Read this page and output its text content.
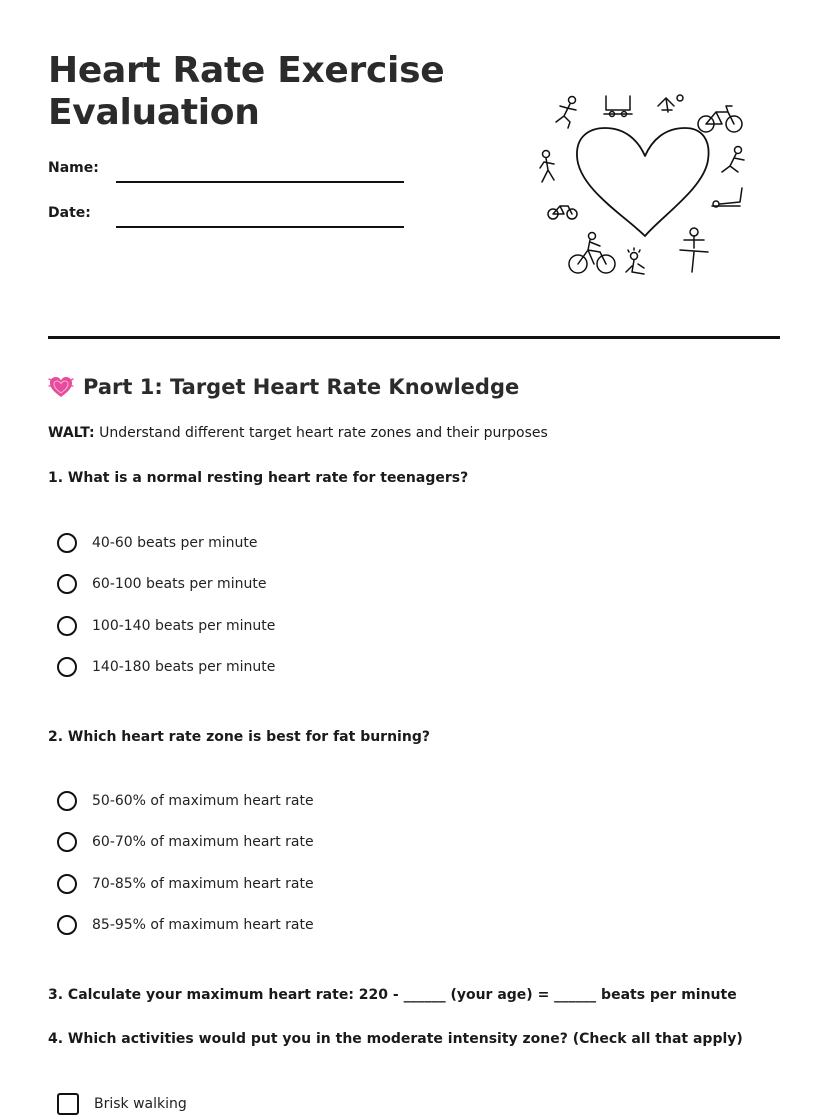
Heart Rate Exercise Evaluation
Name:
Date:
Part 1: Target Heart Rate Knowledge
WALT: Understand different target heart rate zones and their purposes
1. What is a normal resting heart rate for teenagers?
40-60 beats per minute
60-100 beats per minute
100-140 beats per minute
140-180 beats per minute
2. Which heart rate zone is best for fat burning?
50-60% of maximum heart rate
60-70% of maximum heart rate
70-85% of maximum heart rate
85-95% of maximum heart rate
3. Calculate your maximum heart rate: 220 - ______ (your age) = ______ beats per minute
4. Which activities would put you in the moderate intensity zone? (Check all that apply)
Brisk walking
